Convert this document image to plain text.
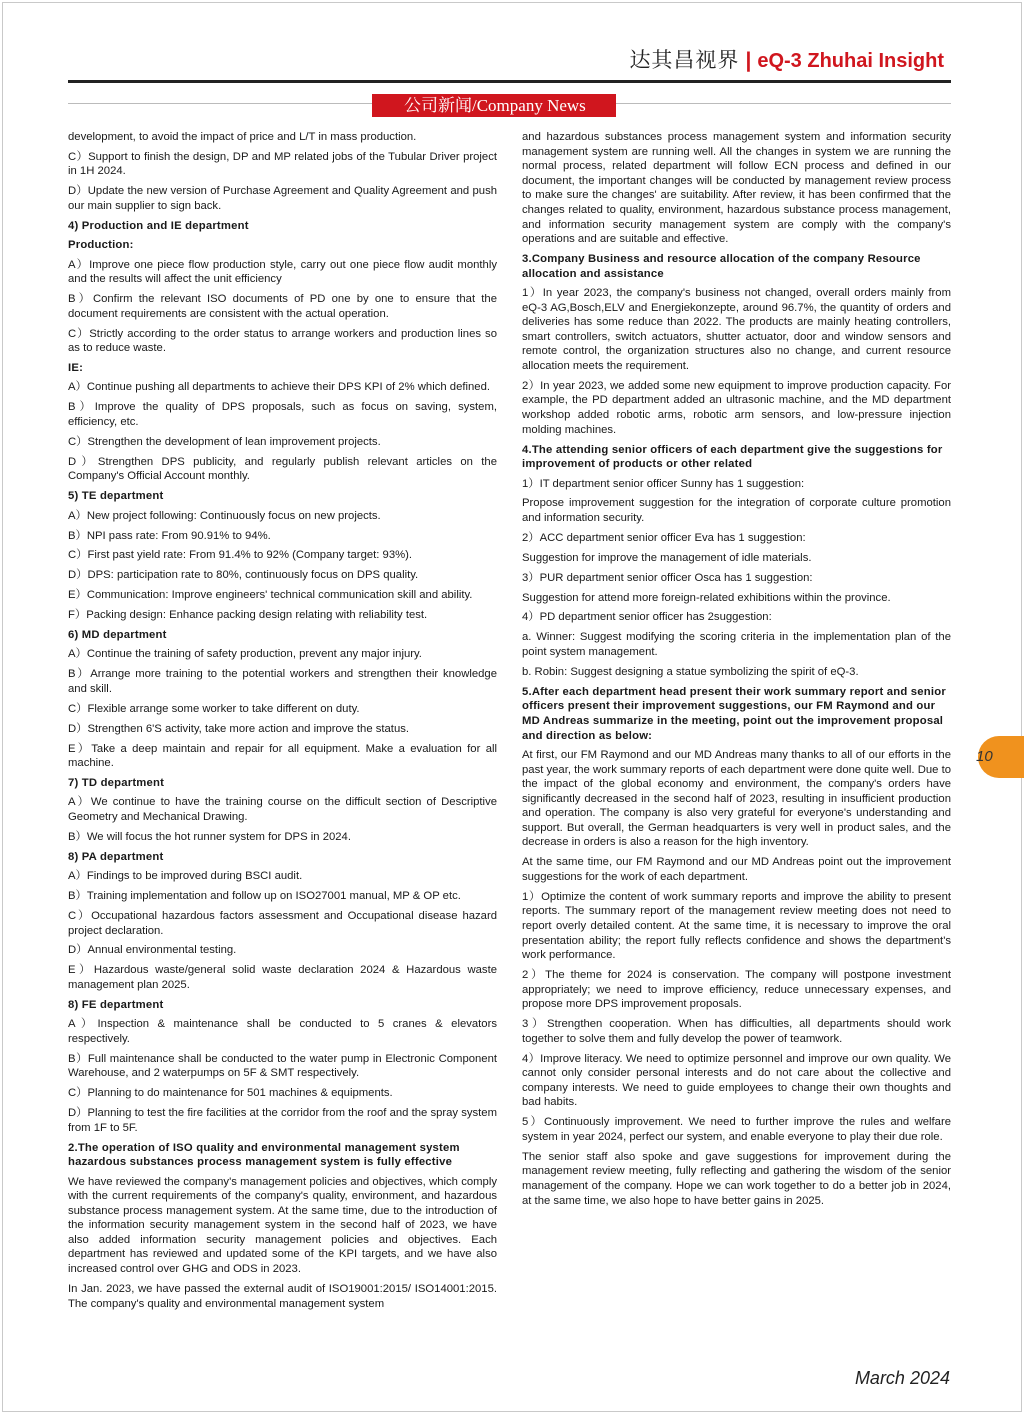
达其昌视界 | eQ-3 Zhuhai Insight
公司新闻/Company News

development, to avoid the impact of price and L/T in mass production.

C）Support to finish the design, DP and MP related jobs of the Tubular Driver project in 1H 2024.

D）Update the new version of Purchase Agreement and Quality Agreement and push our main supplier to sign back.

4) Production and IE department
Production:

A）Improve one piece flow production style, carry out one piece flow audit monthly and the results will affect the unit efficiency

B）Confirm the relevant ISO documents of PD one by one to ensure that the document requirements are consistent with the actual operation.

C）Strictly according to the order status to arrange workers and production lines so as to reduce waste.

IE:

A）Continue pushing all departments to achieve their DPS KPI of 2% which defined.

B）Improve the quality of DPS proposals, such as focus on saving, system, efficiency, etc.

C）Strengthen the development of lean improvement projects.

D）Strengthen DPS publicity, and regularly publish relevant articles on the Company's Official Account monthly.

5) TE department

A）New project following: Continuously focus on new projects.

B）NPI pass rate: From 90.91% to 94%.

C）First past yield rate: From 91.4% to 92% (Company target: 93%).

D）DPS: participation rate to 80%, continuously focus on DPS quality.

E）Communication: Improve engineers' technical communication skill and ability.

F）Packing design: Enhance packing design relating with reliability test.

6) MD department

A）Continue the training of safety production, prevent any major injury.

B）Arrange more training to the potential workers and strengthen their knowledge and skill.

C）Flexible arrange some worker to take different on duty.

D）Strengthen 6'S activity, take more action and improve the status.

E）Take a deep maintain and repair for all equipment. Make a evaluation for all machine.

7) TD department

A）We continue to have the training course on the difficult section of Descriptive Geometry and Mechanical Drawing.

B）We will focus the hot runner system for DPS in 2024.

8) PA department

A）Findings to be improved during BSCI audit.

B）Training implementation and follow up on ISO27001 manual, MP & OP etc.

C）Occupational hazardous factors assessment and Occupational disease hazard project declaration.

D）Annual environmental testing.

E）Hazardous waste/general solid waste declaration 2024 & Hazardous waste management plan 2025.

8) FE department

A）Inspection & maintenance shall be conducted to 5 cranes & elevators respectively.

B）Full maintenance shall be conducted to the water pump in Electronic Component Warehouse, and 2 waterpumps on 5F & SMT respectively.

C）Planning to do maintenance for 501 machines & equipments.

D）Planning to test the fire facilities at the corridor from the roof and the spray system from 1F to 5F.

2.The operation of ISO quality and environmental management system hazardous substances process management system is fully effective

We have reviewed the company's management policies and objectives, which comply with the current requirements of the company's quality, environment, and hazardous substance process management system. At the same time, due to the introduction of the information security management system in the second half of 2023, we have also added information security management policies and objectives. Each department has reviewed and updated some of the KPI targets, and we have also increased control over GHG and ODS in 2023.

In Jan. 2023, we have passed the external audit of ISO19001:2015/ ISO14001:2015. The company's quality and environmental management system

and hazardous substances process management system and information security management system are running well. All the changes in system we are running the normal process, related department will follow ECN process and defined in our document, the important changes will be conducted by management review process to make sure the changes' are suitability. After review, it has been confirmed that the changes related to quality, environment, hazardous substance process management, and information security management system are comply with the company's operations and are suitable and effective.

3.Company Business and resource allocation of the company Resource allocation and assistance

1）In year 2023, the company's business not changed, overall orders mainly from eQ-3 AG,Bosch,ELV and Energiekonzepte, around 96.7%, the quantity of orders and deliveries has some reduce than 2022. The products are mainly heating controllers, smart controllers, switch actuators, shutter actuator, door and window sensors and remote control, the organization structures also no change, and current resource allocation meets the requirement.

2）In year 2023, we added some new equipment to improve production capacity. For example, the PD department added an ultrasonic machine, and the MD department workshop added robotic arms, robotic arm sensors, and low-pressure injection molding machines.

4.The attending senior officers of each department give the suggestions for improvement of products or other related

1）IT department senior officer Sunny has 1 suggestion:

Propose improvement suggestion for the integration of corporate culture promotion and information security.

2）ACC department senior officer Eva has 1 suggestion:

Suggestion for improve the management of idle materials.

3）PUR department senior officer Osca has 1 suggestion:

Suggestion for attend more foreign-related exhibitions within the province.

4）PD department senior officer has 2suggestion:

a. Winner: Suggest modifying the scoring criteria in the implementation plan of the point system management.

b. Robin: Suggest designing a statue symbolizing the spirit of eQ-3.

5.After each department head present their work summary report and senior officers present their improvement suggestions, our FM Raymond and our MD Andreas summarize in the meeting, point out the improvement proposal and direction as below:

At first, our FM Raymond and our MD Andreas many thanks to all of our efforts in the past year, the work summary reports of each department were done quite well. Due to the impact of the global economy and environment, the company's orders have significantly decreased in the second half of 2023, resulting in insufficient production and operation. The company is also very grateful for everyone's understanding and support. But overall, the German headquarters is very well in product sales, and the decrease in orders is also a reason for the high inventory.

At the same time, our FM Raymond and our MD Andreas point out the improvement suggestions for the work of each department.

1）Optimize the content of work summary reports and improve the ability to present reports. The summary report of the management review meeting does not need to report overly detailed content. At the same time, it is necessary to improve the oral presentation ability; the report fully reflects confidence and shows the department's work performance.

2）The theme for 2024 is conservation. The company will postpone investment appropriately; we need to improve efficiency, reduce unnecessary expenses, and propose more DPS improvement proposals.

3）Strengthen cooperation. When has difficulties, all departments should work together to solve them and fully develop the power of teamwork.

4）Improve literacy. We need to optimize personnel and improve our own quality. We cannot only consider personal interests and do not care about the collective and company interests. We need to guide employees to change their own thoughts and bad habits.

5）Continuously improvement. We need to further improve the rules and welfare system in year 2024, perfect our system, and enable everyone to play their due role.

The senior staff also spoke and gave suggestions for improvement during the management review meeting, fully reflecting and gathering the wisdom of the senior management of the company. Hope we can work together to do a better job in 2024, at the same time, we also hope to have better gains in 2025.

10
March 2024
